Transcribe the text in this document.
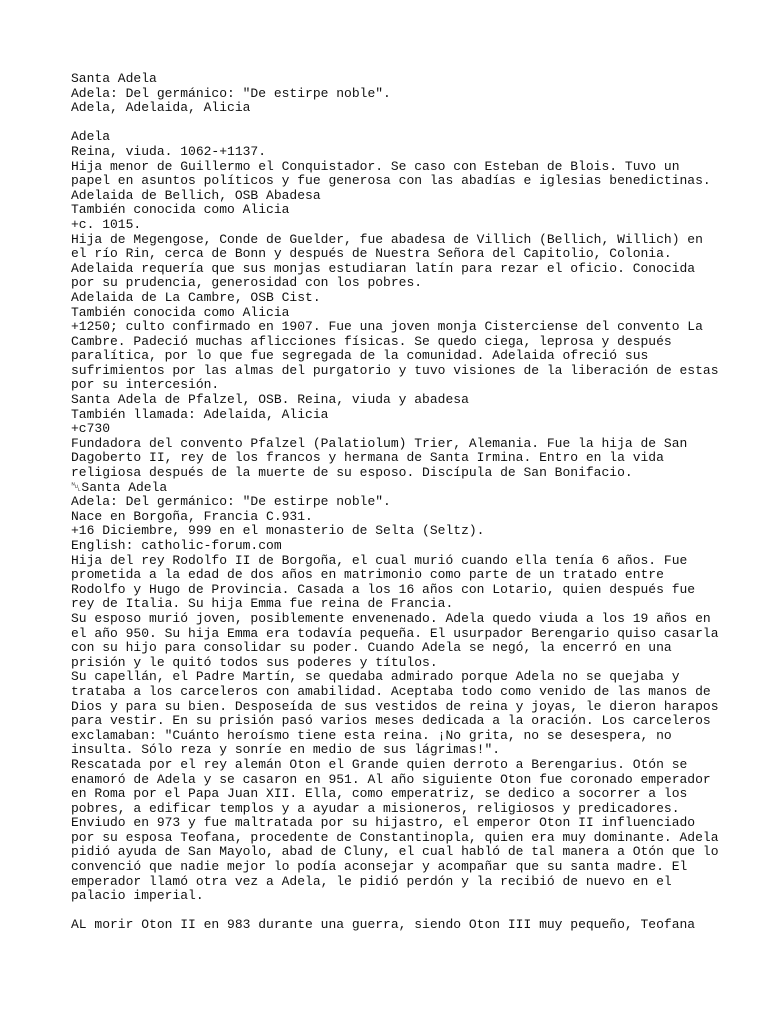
Santa Adela
Adela: Del germánico: "De estirpe noble".
Adela, Adelaida, Alicia
Adela
Reina, viuda. 1062-+1137.
Hija menor de Guillermo el Conquistador. Se caso con Esteban de Blois. Tuvo un
papel en asuntos políticos y fue generosa con las abadías e iglesias benedictinas.
Adelaida de Bellich, OSB Abadesa
También conocida como Alicia
+c. 1015.
Hija de Megengose, Conde de Guelder, fue abadesa de Villich (Bellich, Willich) en
el río Rin, cerca de Bonn y después de Nuestra Señora del Capitolio, Colonia.
Adelaida requería que sus monjas estudiaran latín para rezar el oficio. Conocida
por su prudencia, generosidad con los pobres.
Adelaida de La Cambre, OSB Cist.
También conocida como Alicia
+1250; culto confirmado en 1907. Fue una joven monja Cisterciense del convento La
Cambre. Padeció muchas aflicciones físicas. Se quedo ciega, leprosa y después
paralítica, por lo que fue segregada de la comunidad. Adelaida ofreció sus
sufrimientos por las almas del purgatorio y tuvo visiones de la liberación de estas
por su intercesión.
Santa Adela de Pfalzel, OSB. Reina, viuda y abadesa
También llamada: Adelaida, Alicia
+c730
Fundadora del convento Pfalzel (Palatiolum) Trier, Alemania. Fue la hija de San
Dagoberto II, rey de los francos y hermana de Santa Irmina. Entro en la vida
religiosa después de la muerte de su esposo. Discípula de San Bonifacio.
␀Santa Adela
Adela: Del germánico: "De estirpe noble".
Nace en Borgoña, Francia C.931.
+16 Diciembre, 999 en el monasterio de Selta (Seltz).
English: catholic-forum.com
Hija del rey Rodolfo II de Borgoña, el cual murió cuando ella tenía 6 años. Fue
prometida a la edad de dos años en matrimonio como parte de un tratado entre
Rodolfo y Hugo de Provincia. Casada a los 16 años con Lotario, quien después fue
rey de Italia. Su hija Emma fue reina de Francia.
Su esposo murió joven, posiblemente envenenado. Adela quedo viuda a los 19 años en
el año 950. Su hija Emma era todavía pequeña. El usurpador Berengario quiso casarla
con su hijo para consolidar su poder. Cuando Adela se negó, la encerró en una
prisión y le quitó todos sus poderes y títulos.
Su capellán, el Padre Martín, se quedaba admirado porque Adela no se quejaba y
trataba a los carceleros con amabilidad. Aceptaba todo como venido de las manos de
Dios y para su bien. Desposeída de sus vestidos de reina y joyas, le dieron harapos
para vestir. En su prisión pasó varios meses dedicada a la oración. Los carceleros
exclamaban: "Cuánto heroísmo tiene esta reina. ¡No grita, no se desespera, no
insulta. Sólo reza y sonríe en medio de sus lágrimas!".
Rescatada por el rey alemán Oton el Grande quien derroto a Berengarius. Otón se
enamoró de Adela y se casaron en 951. Al año siguiente Oton fue coronado emperador
en Roma por el Papa Juan XII. Ella, como emperatriz, se dedico a socorrer a los
pobres, a edificar templos y a ayudar a misioneros, religiosos y predicadores.
Enviudo en 973 y fue maltratada por su hijastro, el emperor Oton II influenciado
por su esposa Teofana, procedente de Constantinopla, quien era muy dominante. Adela
pidió ayuda de San Mayolo, abad de Cluny, el cual habló de tal manera a Otón que lo
convenció que nadie mejor lo podía aconsejar y acompañar que su santa madre. El
emperador llamó otra vez a Adela, le pidió perdón y la recibió de nuevo en el
palacio imperial.
AL morir Oton II en 983 durante una guerra, siendo Oton III muy pequeño, Teofana
